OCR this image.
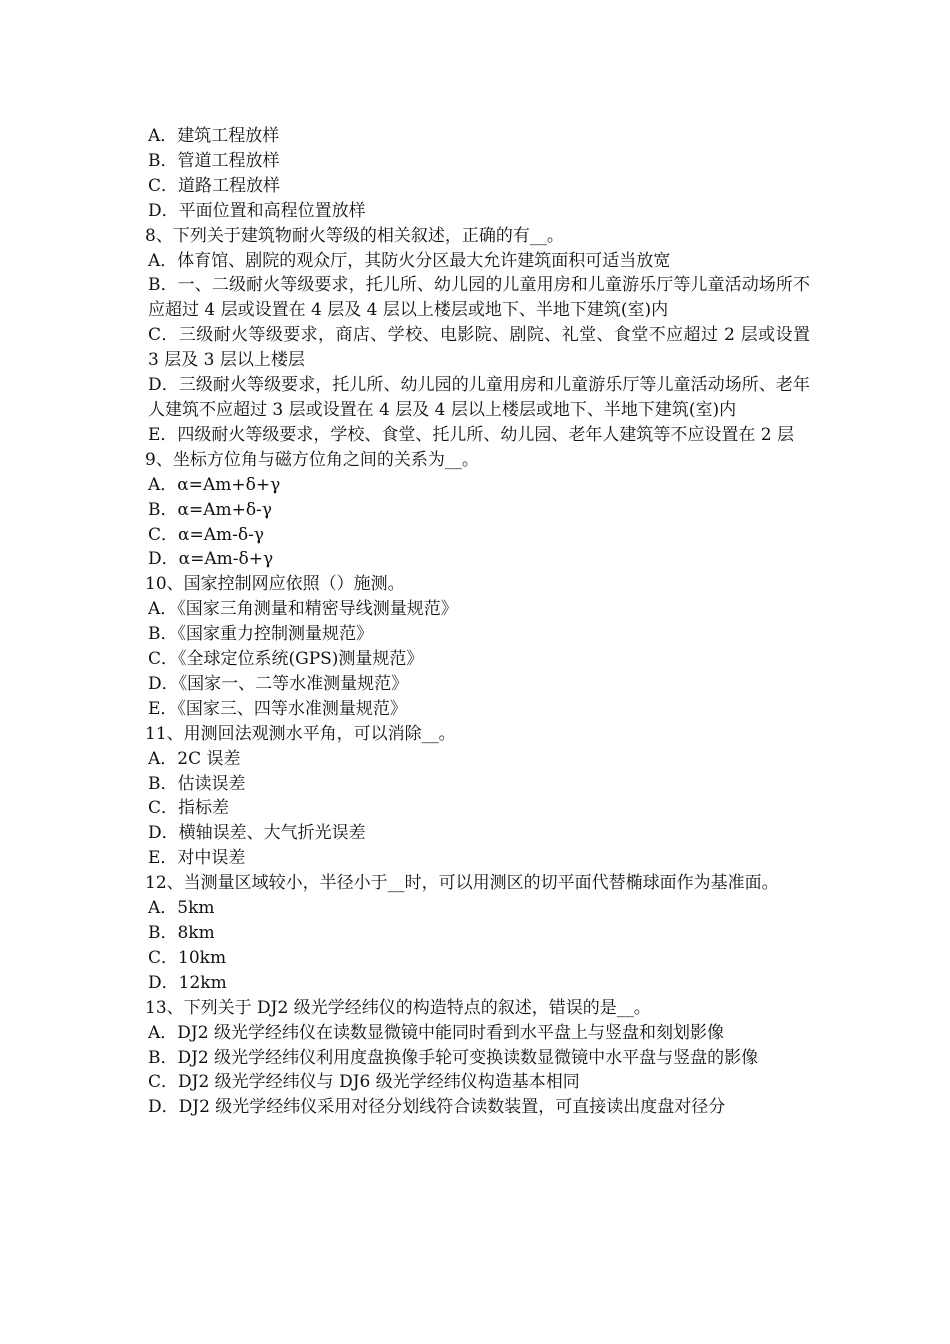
A．建筑工程放样

B．管道工程放样

C．道路工程放样

D．平面位置和高程位置放样

8、下列关于建筑物耐火等级的相关叙述，正确的有__。

A．体育馆、剧院的观众厅，其防火分区最大允许建筑面积可适当放宽

B．一、二级耐火等级要求，托儿所、幼儿园的儿童用房和儿童游乐厅等儿童活动场所不应超过 4 层或设置在 4 层及 4 层以上楼层或地下、半地下建筑(室)内

C．三级耐火等级要求，商店、学校、电影院、剧院、礼堂、食堂不应超过 2 层或设置 3 层及 3 层以上楼层

D．三级耐火等级要求，托儿所、幼儿园的儿童用房和儿童游乐厅等儿童活动场所、老年人建筑不应超过 3 层或设置在 4 层及 4 层以上楼层或地下、半地下建筑(室)内

E．四级耐火等级要求，学校、食堂、托儿所、幼儿园、老年人建筑等不应设置在 2 层

9、坐标方位角与磁方位角之间的关系为__。

A．α=Am+δ+γ

B．α=Am+δ-γ

C．α=Am-δ-γ

D．α=Am-δ+γ

10、国家控制网应依照（）施测。

A．《国家三角测量和精密导线测量规范》

B．《国家重力控制测量规范》

C．《全球定位系统(GPS)测量规范》

D．《国家一、二等水准测量规范》

E．《国家三、四等水准测量规范》

11、用测回法观测水平角，可以消除__。

A．2C 误差

B．估读误差

C．指标差

D．横轴误差、大气折光误差

E．对中误差

12、当测量区域较小，半径小于__时，可以用测区的切平面代替椭球面作为基准面。

A．5km

B．8km

C．10km

D．12km

13、下列关于 DJ2 级光学经纬仪的构造特点的叙述，错误的是__。

A．DJ2 级光学经纬仪在读数显微镜中能同时看到水平盘上与竖盘和刻划影像

B．DJ2 级光学经纬仪利用度盘换像手轮可变换读数显微镜中水平盘与竖盘的影像

C．DJ2 级光学经纬仪与 DJ6 级光学经纬仪构造基本相同

D．DJ2 级光学经纬仪采用对径分划线符合读数装置，可直接读出度盘对径分
